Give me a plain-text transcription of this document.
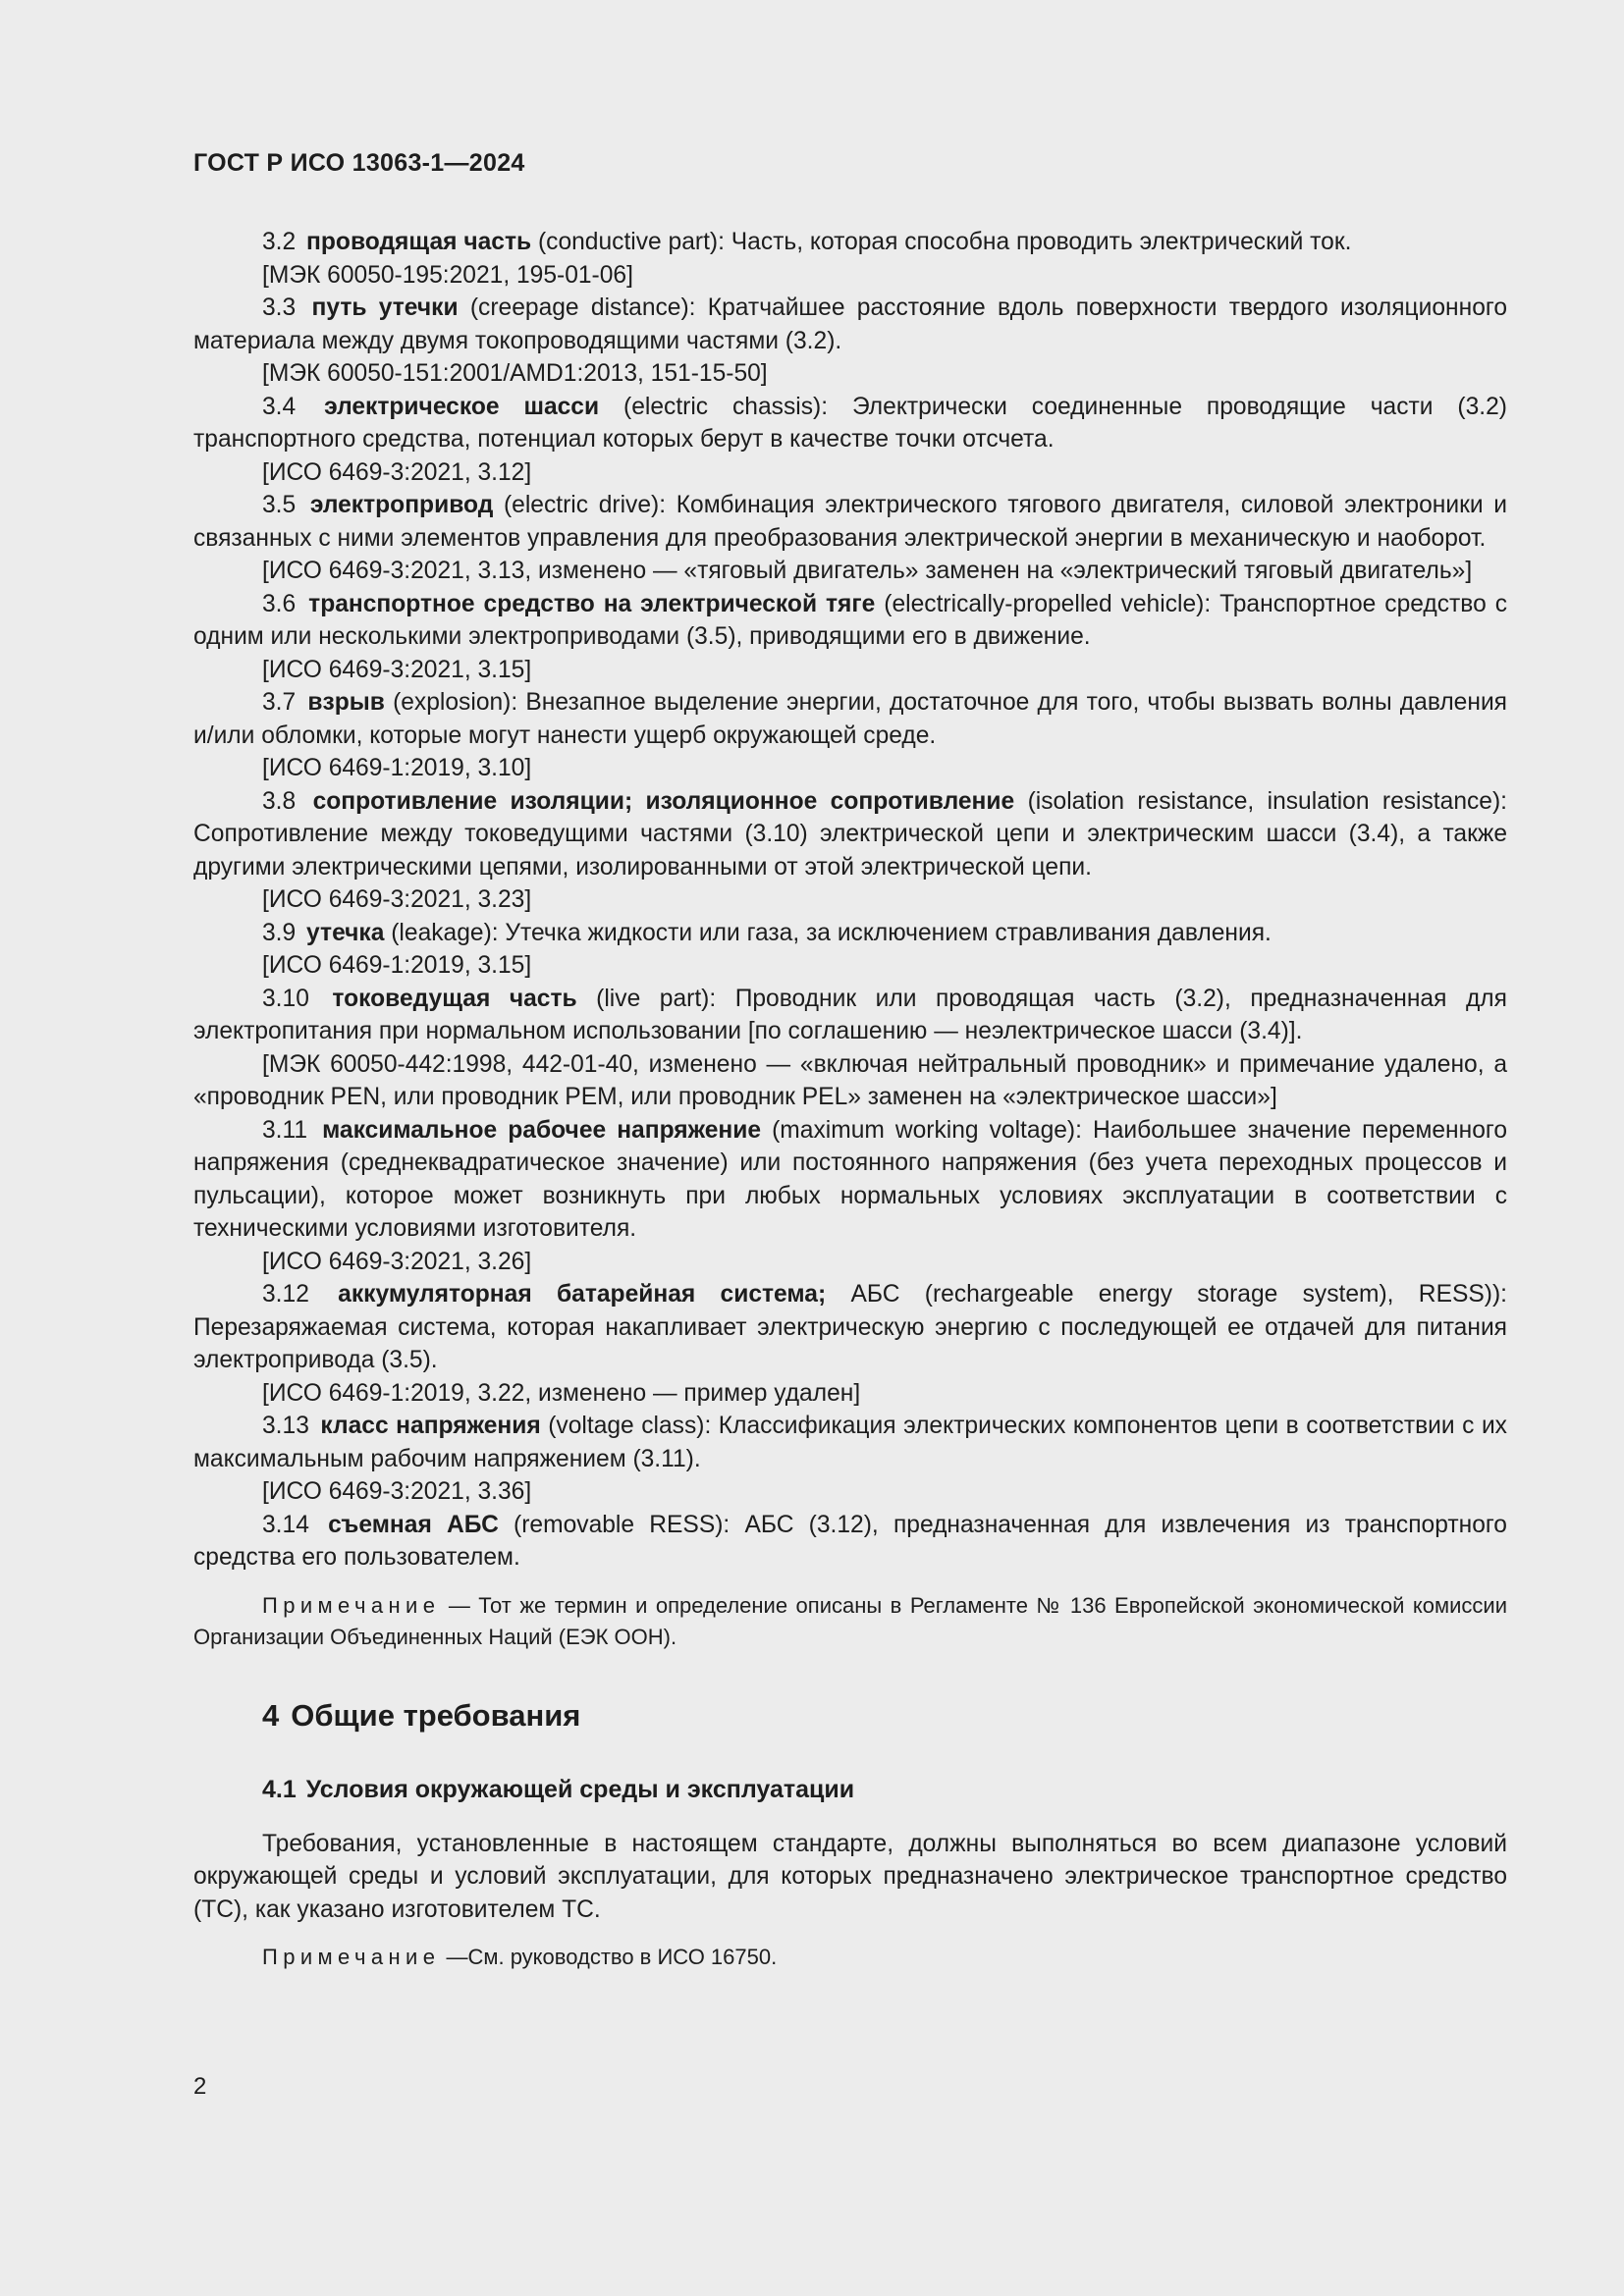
ГОСТ Р ИСО 13063-1—2024

3.2 проводящая часть (conductive part): Часть, которая способна проводить электрический ток.

[МЭК 60050-195:2021, 195-01-06]

3.3 путь утечки (creepage distance): Кратчайшее расстояние вдоль поверхности твердого изоляционного материала между двумя токопроводящими частями (3.2).

[МЭК 60050-151:2001/AMD1:2013, 151-15-50]

3.4 электрическое шасси (electric chassis): Электрически соединенные проводящие части (3.2) транспортного средства, потенциал которых берут в качестве точки отсчета.

[ИСО 6469-3:2021, 3.12]

3.5 электропривод (electric drive): Комбинация электрического тягового двигателя, силовой электроники и связанных с ними элементов управления для преобразования электрической энергии в механическую и наоборот.

[ИСО 6469-3:2021, 3.13, изменено — «тяговый двигатель» заменен на «электрический тяговый двигатель»]

3.6 транспортное средство на электрической тяге (electrically-propelled vehicle): Транспортное средство с одним или несколькими электроприводами (3.5), приводящими его в движение.

[ИСО 6469-3:2021, 3.15]

3.7 взрыв (explosion): Внезапное выделение энергии, достаточное для того, чтобы вызвать волны давления и/или обломки, которые могут нанести ущерб окружающей среде.

[ИСО 6469-1:2019, 3.10]

3.8 сопротивление изоляции; изоляционное сопротивление (isolation resistance, insulation resistance): Сопротивление между токоведущими частями (3.10) электрической цепи и электрическим шасси (3.4), а также другими электрическими цепями, изолированными от этой электрической цепи.

[ИСО 6469-3:2021, 3.23]

3.9 утечка (leakage): Утечка жидкости или газа, за исключением стравливания давления.

[ИСО 6469-1:2019, 3.15]

3.10 токоведущая часть (live part): Проводник или проводящая часть (3.2), предназначенная для электропитания при нормальном использовании [по соглашению — неэлектрическое шасси (3.4)].

[МЭК 60050-442:1998, 442-01-40, изменено — «включая нейтральный проводник» и примечание удалено, а «проводник PEN, или проводник PEM, или проводник PEL» заменен на «электрическое шасси»]

3.11 максимальное рабочее напряжение (maximum working voltage): Наибольшее значение переменного напряжения (среднеквадратическое значение) или постоянного напряжения (без учета переходных процессов и пульсации), которое может возникнуть при любых нормальных условиях эксплуатации в соответствии с техническими условиями изготовителя.

[ИСО 6469-3:2021, 3.26]

3.12 аккумуляторная батарейная система; АБС (rechargeable energy storage system), RESS)): Перезаряжаемая система, которая накапливает электрическую энергию с последующей ее отдачей для питания электропривода (3.5).

[ИСО 6469-1:2019, 3.22, изменено — пример удален]

3.13 класс напряжения (voltage class): Классификация электрических компонентов цепи в соответствии с их максимальным рабочим напряжением (3.11).

[ИСО 6469-3:2021, 3.36]

3.14 съемная АБС (removable RESS): АБС (3.12), предназначенная для извлечения из транспортного средства его пользователем.

Примечание — Тот же термин и определение описаны в Регламенте № 136 Европейской экономической комиссии Организации Объединенных Наций (ЕЭК ООН).

4 Общие требования
4.1 Условия окружающей среды и эксплуатации

Требования, установленные в настоящем стандарте, должны выполняться во всем диапазоне условий окружающей среды и условий эксплуатации, для которых предназначено электрическое транспортное средство (ТС), как указано изготовителем ТС.

Примечание —См. руководство в ИСО 16750.

2
